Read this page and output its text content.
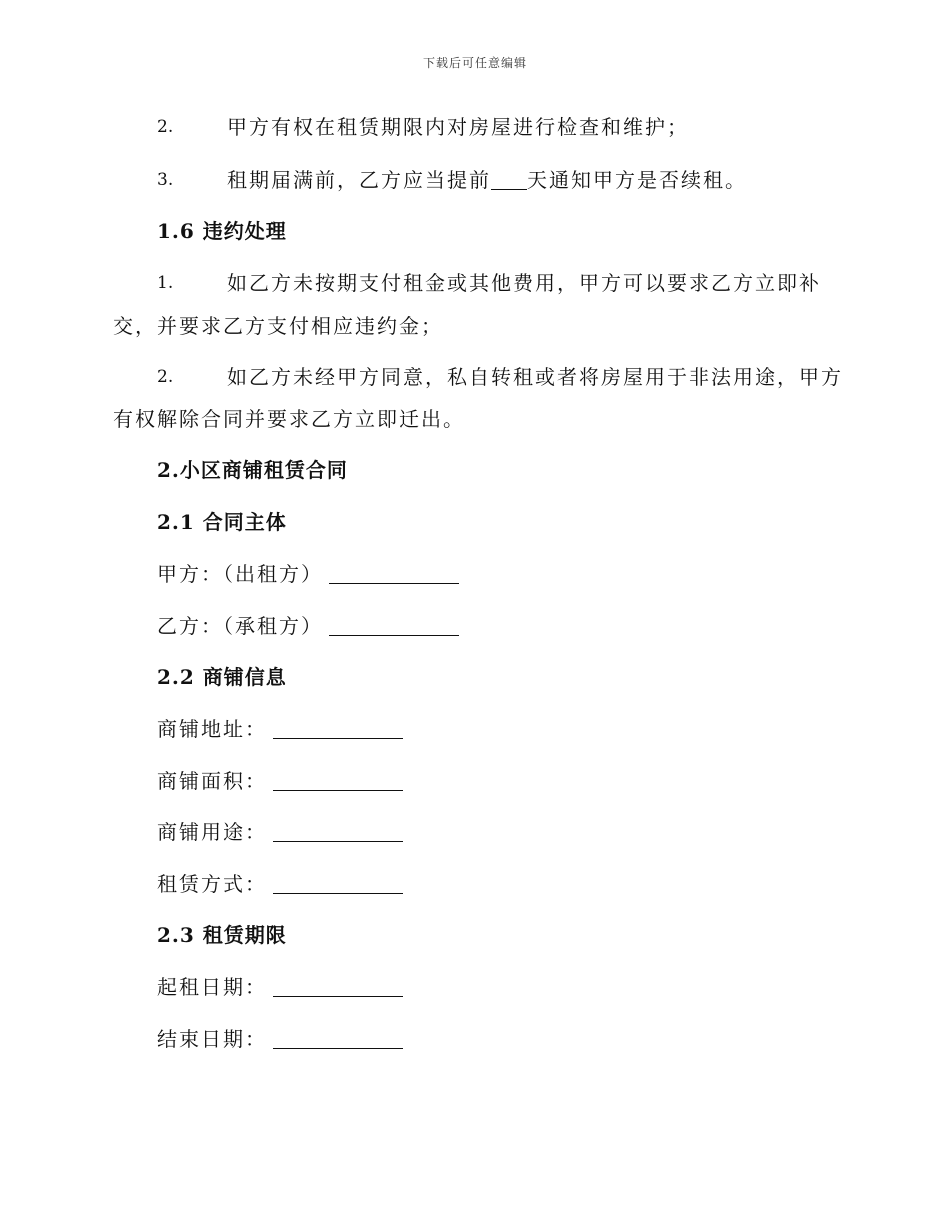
下载后可任意编辑
2.	甲方有权在租赁期限内对房屋进行检查和维护；
3.	租期届满前，乙方应当提前 天通知甲方是否续租。
1.6 违约处理
1.	如乙方未按期支付租金或其他费用，甲方可以要求乙方立即补
交，并要求乙方支付相应违约金；
2.	如乙方未经甲方同意，私自转租或者将房屋用于非法用途，甲方
有权解除合同并要求乙方立即迁出。
2.小区商铺租赁合同
2.1 合同主体
甲方：（出租方）
乙方：（承租方）
2.2 商铺信息
商铺地址：
商铺面积：
商铺用途：
租赁方式：
2.3 租赁期限
起租日期：
结束日期：
